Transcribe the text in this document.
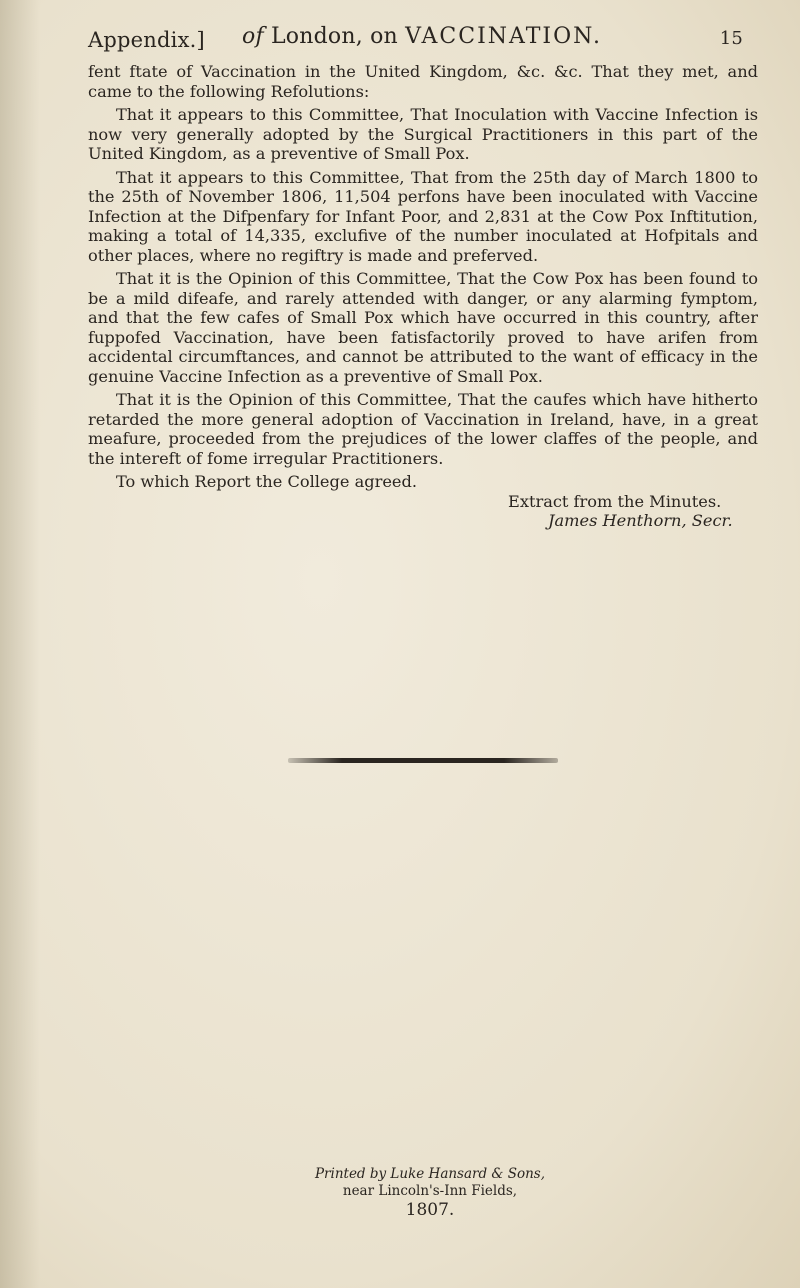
Appendix.] of London, on VACCINATION.	15

fent ftate of Vaccination in the United Kingdom, &c. &c. That they met, and came to the following Refolutions:

That it appears to this Committee, That Inoculation with Vaccine Infection is now very generally adopted by the Surgical Practitioners in this part of the United Kingdom, as a preventive of Small Pox.

That it appears to this Committee, That from the 25th day of March 1800 to the 25th of November 1806, 11,504 perfons have been inoculated with Vaccine Infection at the Difpenfary for Infant Poor, and 2,831 at the Cow Pox Inftitution, making a total of 14,335, exclufive of the number inoculated at Hofpitals and other places, where no regiftry is made and preferved.

That it is the Opinion of this Committee, That the Cow Pox has been found to be a mild difeafe, and rarely attended with danger, or any alarming fymptom, and that the few cafes of Small Pox which have occurred in this country, after fuppofed Vaccination, have been fatisfactorily proved to have arifen from accidental circumftances, and cannot be attributed to the want of efficacy in the genuine Vaccine Infection as a preventive of Small Pox.

That it is the Opinion of this Committee, That the caufes which have hitherto retarded the more general adoption of Vaccination in Ireland, have, in a great meafure, proceeded from the prejudices of the lower claffes of the people, and the intereft of fome irregular Practitioners.

To which Report the College agreed.

Extract from the Minutes.

James Henthorn, Secr.

Printed by Luke Hansard & Sons,
near Lincoln's-Inn Fields,
1807.
